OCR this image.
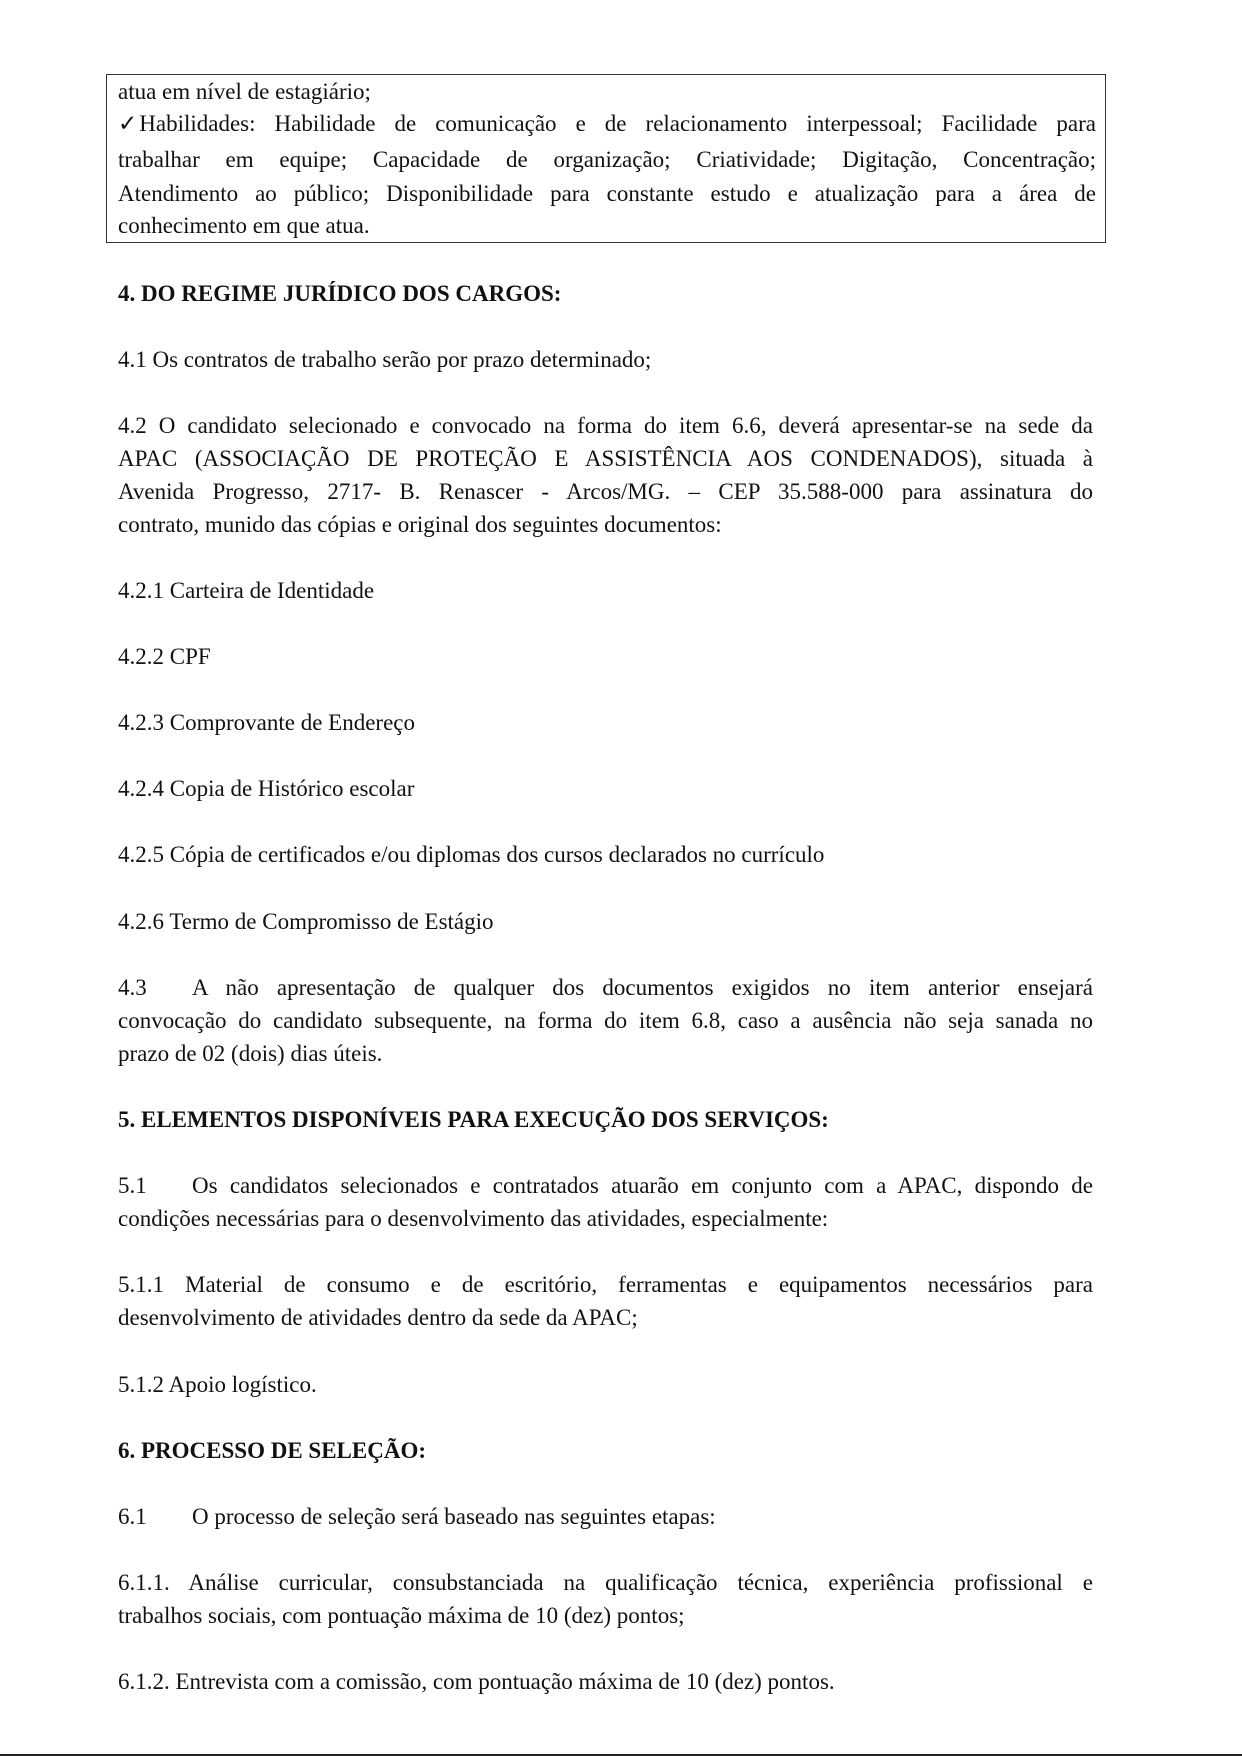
atua em nível de estagiário;
✓Habilidades: Habilidade de comunicação e de relacionamento interpessoal; Facilidade para
trabalhar em equipe; Capacidade de organização; Criatividade; Digitação, Concentração;
Atendimento ao público; Disponibilidade para constante estudo e atualização para a área de
conhecimento em que atua.
4. DO REGIME JURÍDICO DOS CARGOS:
4.1 Os contratos de trabalho serão por prazo determinado;
4.2 O candidato selecionado e convocado na forma do item 6.6, deverá apresentar-se na sede da
APAC (ASSOCIAÇÃO DE PROTEÇÃO E ASSISTÊNCIA AOS CONDENADOS), situada à
Avenida Progresso, 2717- B. Renascer - Arcos/MG. – CEP 35.588-000 para assinatura do
contrato, munido das cópias e original dos seguintes documentos:
4.2.1 Carteira de Identidade
4.2.2 CPF
4.2.3 Comprovante de Endereço
4.2.4 Copia de Histórico escolar
4.2.5 Cópia de certificados e/ou diplomas dos cursos declarados no currículo
4.2.6 Termo de Compromisso de Estágio
4.3 A não apresentação de qualquer dos documentos exigidos no item anterior ensejará
convocação do candidato subsequente, na forma do item 6.8, caso a ausência não seja sanada no
prazo de 02 (dois) dias úteis.
5. ELEMENTOS DISPONÍVEIS PARA EXECUÇÃO DOS SERVIÇOS:
5.1 Os candidatos selecionados e contratados atuarão em conjunto com a APAC, dispondo de
condições necessárias para o desenvolvimento das atividades, especialmente:
5.1.1 Material de consumo e de escritório, ferramentas e equipamentos necessários para
desenvolvimento de atividades dentro da sede da APAC;
5.1.2 Apoio logístico.
6. PROCESSO DE SELEÇÃO:
6.1 O processo de seleção será baseado nas seguintes etapas:
6.1.1. Análise curricular, consubstanciada na qualificação técnica, experiência profissional e
trabalhos sociais, com pontuação máxima de 10 (dez) pontos;
6.1.2. Entrevista com a comissão, com pontuação máxima de 10 (dez) pontos.
